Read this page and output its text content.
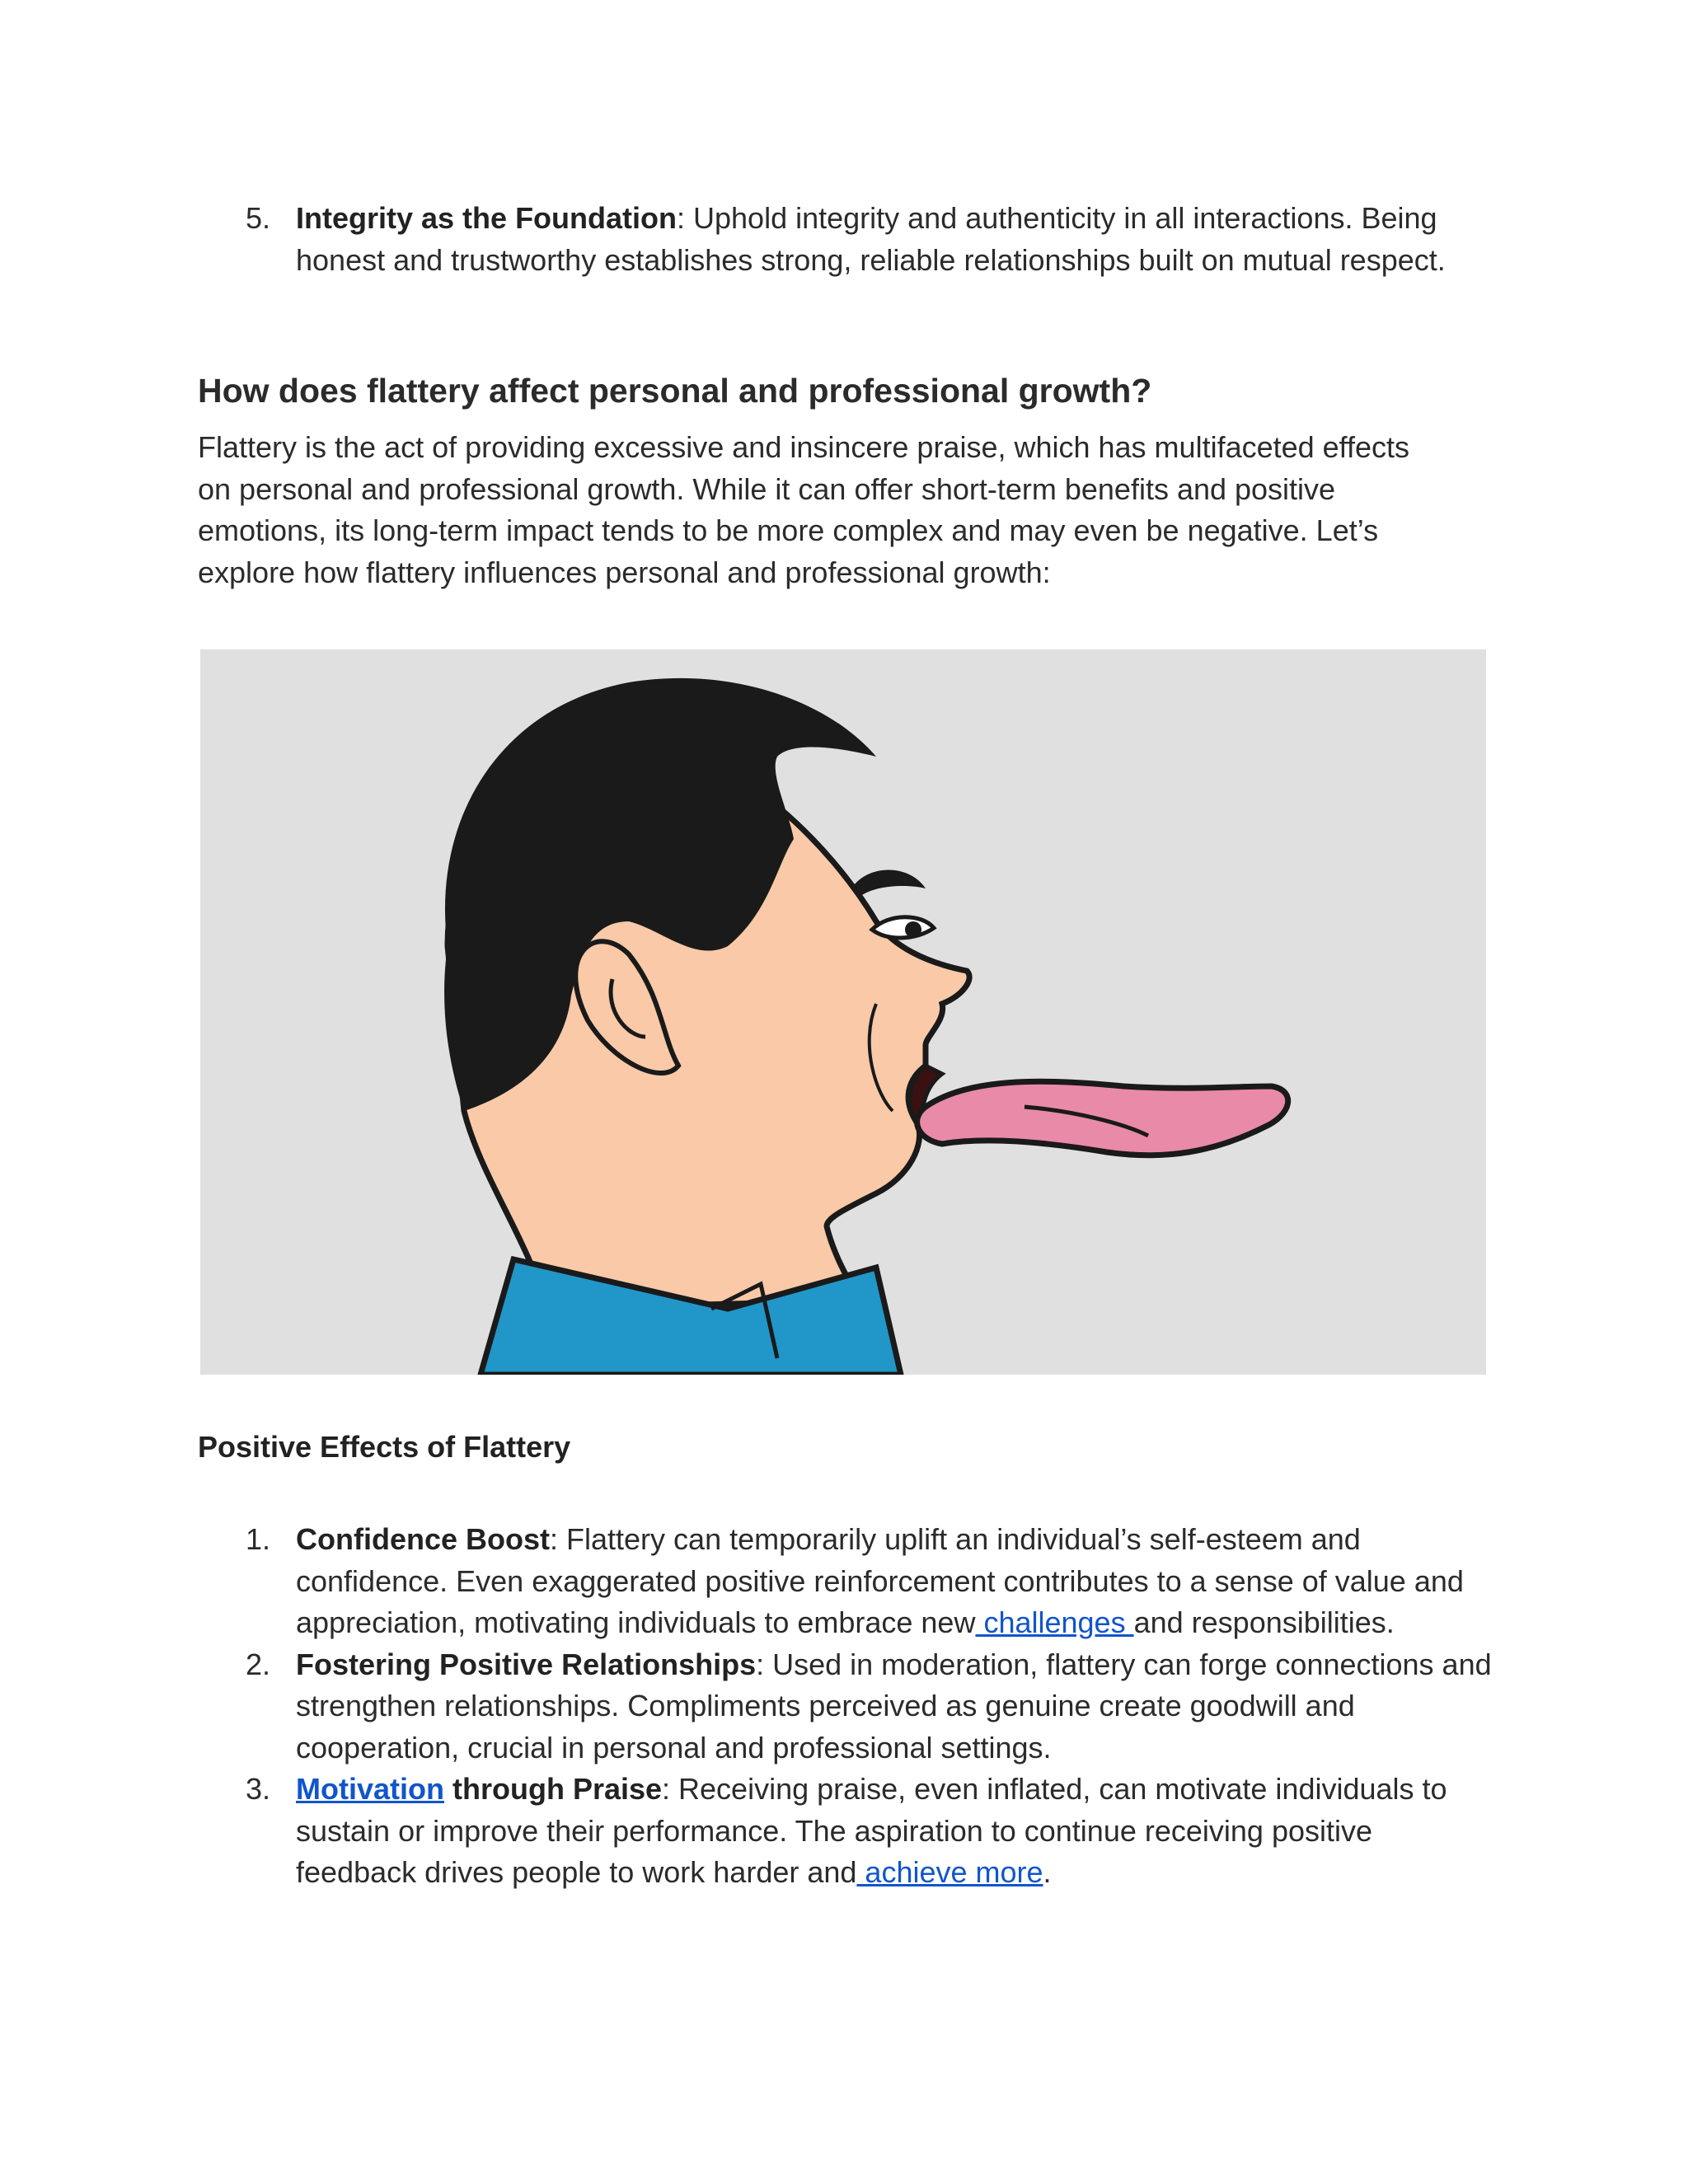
5. Integrity as the Foundation: Uphold integrity and authenticity in all interactions. Being honest and trustworthy establishes strong, reliable relationships built on mutual respect.
How does flattery affect personal and professional growth?

Flattery is the act of providing excessive and insincere praise, which has multifaceted effects on personal and professional growth. While it can offer short-term benefits and positive emotions, its long-term impact tends to be more complex and may even be negative. Let’s explore how flattery influences personal and professional growth:

Positive Effects of Flattery
1. Confidence Boost: Flattery can temporarily uplift an individual’s self-esteem and confidence. Even exaggerated positive reinforcement contributes to a sense of value and appreciation, motivating individuals to embrace new challenges and responsibilities.
2. Fostering Positive Relationships: Used in moderation, flattery can forge connections and strengthen relationships. Compliments perceived as genuine create goodwill and cooperation, crucial in personal and professional settings.
3. Motivation through Praise: Receiving praise, even inflated, can motivate individuals to sustain or improve their performance. The aspiration to continue receiving positive feedback drives people to work harder and achieve more.
